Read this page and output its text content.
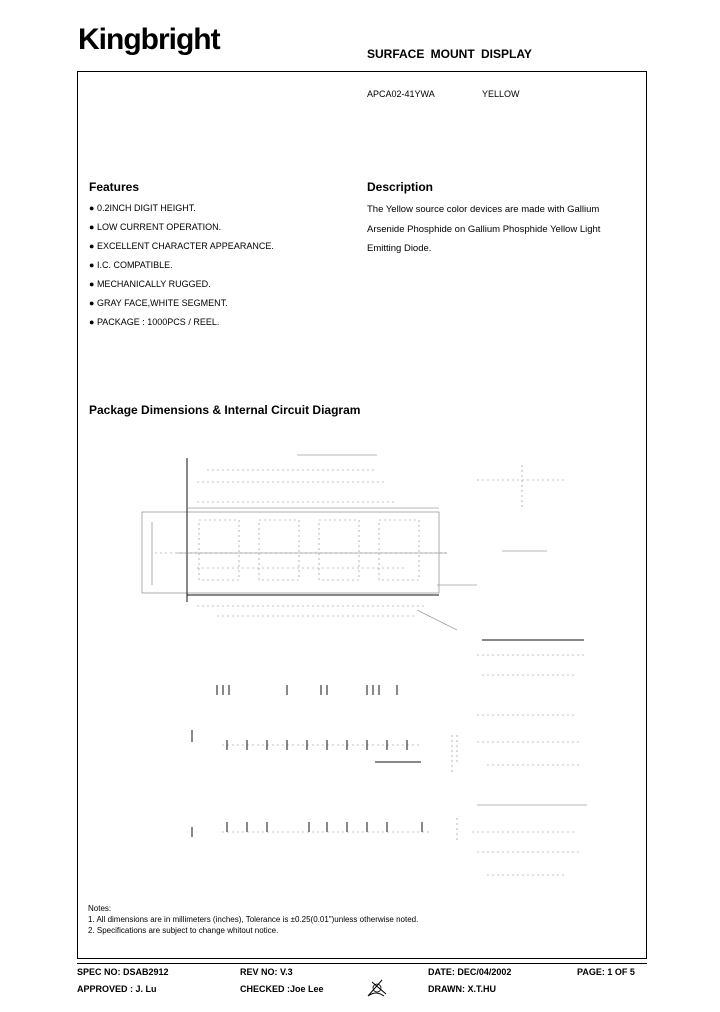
Kingbright	SURFACE MOUNT DISPLAY
APCA02-41YWA	YELLOW
Features
● 0.2INCH DIGIT HEIGHT.
● LOW CURRENT OPERATION.
● EXCELLENT CHARACTER APPEARANCE.
● I.C. COMPATIBLE.
● MECHANICALLY RUGGED.
● GRAY FACE,WHITE SEGMENT.
● PACKAGE : 1000PCS / REEL.
Description
The Yellow source color devices are made with Gallium Arsenide Phosphide on Gallium Phosphide Yellow Light Emitting Diode.
Package Dimensions & Internal Circuit Diagram
Notes:
1. All dimensions are in millimeters (inches), Tolerance is ±0.25(0.01")unless otherwise noted.
2. Specifications are subject to change whitout notice.
SPEC NO: DSAB2912	REV NO: V.3	DATE: DEC/04/2002	PAGE: 1 OF 5
APPROVED : J. Lu	CHECKED :Joe Lee	DRAWN: X.T.HU
